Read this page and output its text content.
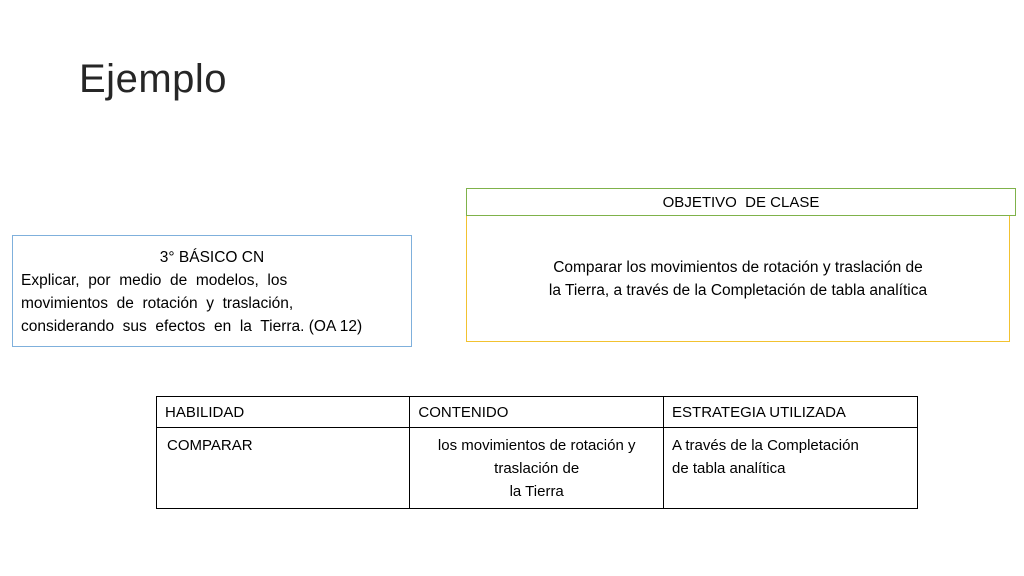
Ejemplo
OBJETIVO  DE CLASE
Comparar los movimientos de rotación y traslación de
la Tierra, a través de la Completación de tabla analítica
3° BÁSICO CN
Explicar,  por  medio  de  modelos,  los
movimientos  de  rotación  y  traslación,
considerando  sus  efectos  en  la  Tierra. (OA 12)
HABILIDAD	CONTENIDO	ESTRATEGIA UTILIZADA
COMPARAR	los movimientos de rotación y
traslación de
la Tierra	A través de la Completación
de tabla analítica
